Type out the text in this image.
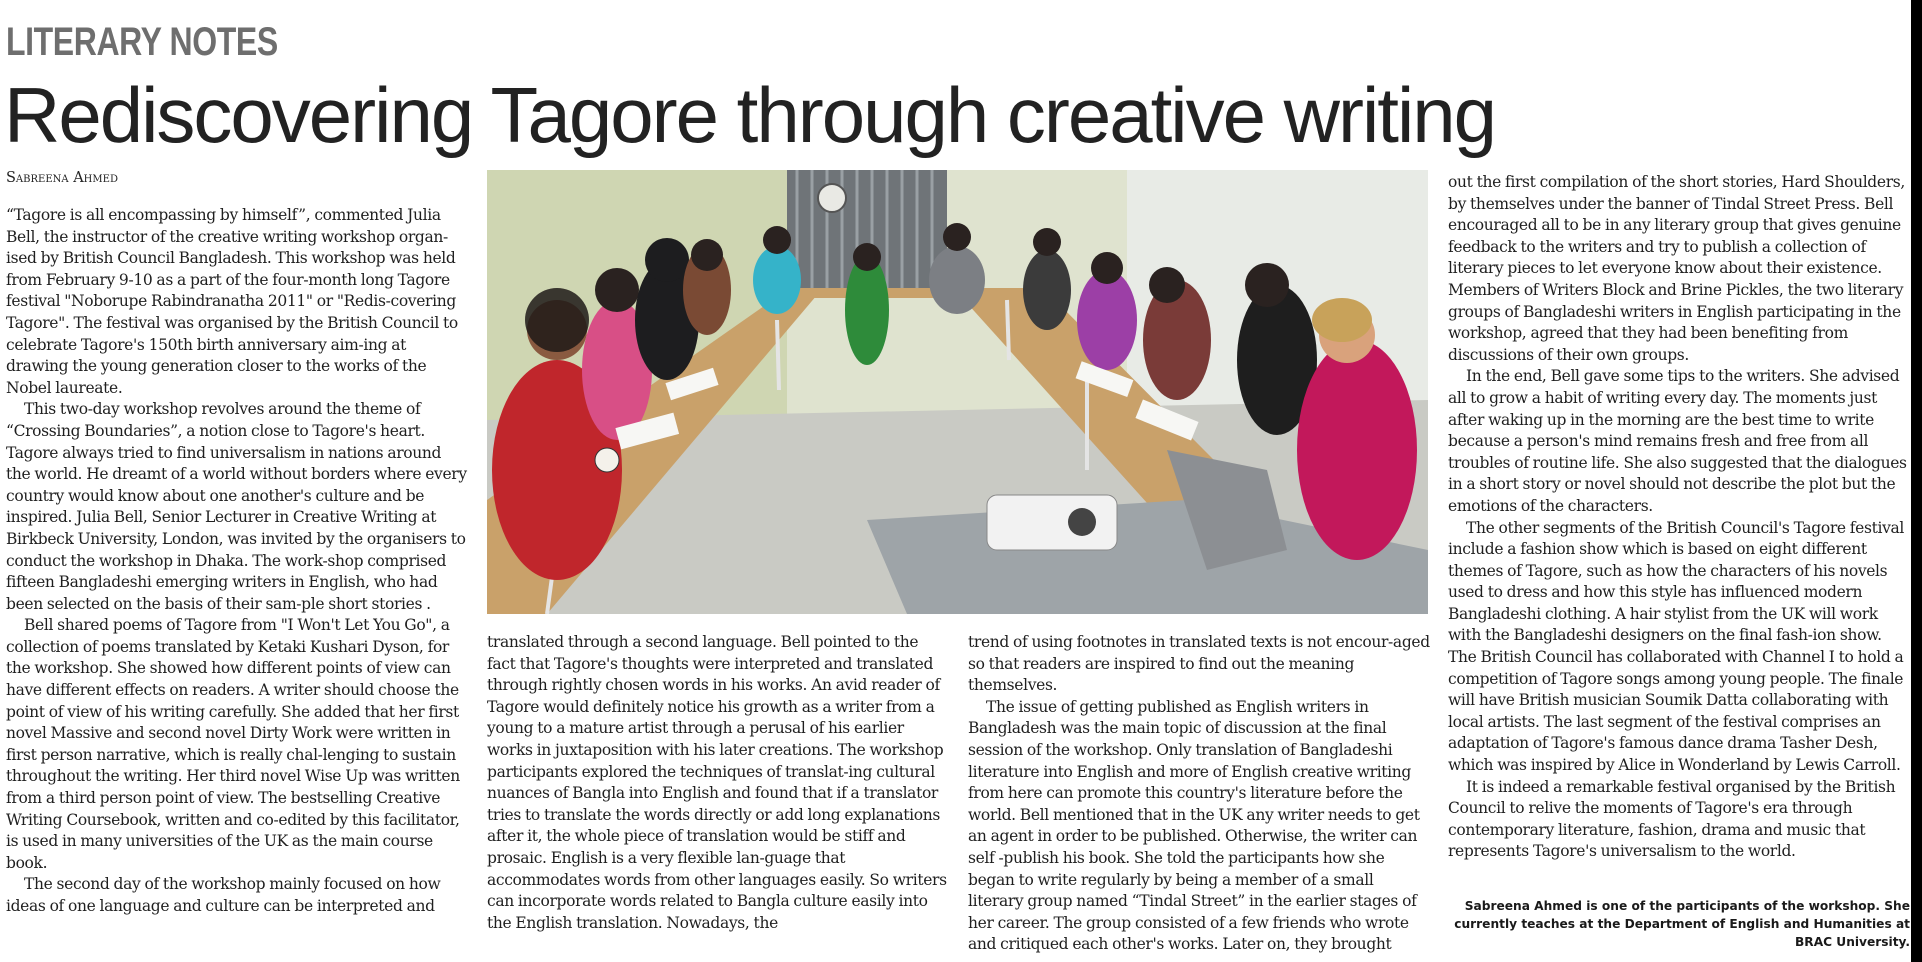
LITERARY NOTES
Rediscovering Tagore through creative writing
Sabreena Ahmed

“Tagore is all encompassing by himself”, commented Julia Bell, the instructor of the creative writing workshop organ-ised by British Council Bangladesh. This workshop was held from February 9-10 as a part of the four-month long Tagore festival "Noborupe Rabindranatha 2011" or "Redis-covering Tagore". The festival was organised by the British Council to celebrate Tagore's 150th birth anniversary aim-ing at drawing the young generation closer to the works of the Nobel laureate.

This two-day workshop revolves around the theme of “Crossing Boundaries”, a notion close to Tagore's heart. Tagore always tried to find universalism in nations around the world. He dreamt of a world without borders where every country would know about one another's culture and be inspired. Julia Bell, Senior Lecturer in Creative Writing at Birkbeck University, London, was invited by the organisers to conduct the workshop in Dhaka. The work-shop comprised fifteen Bangladeshi emerging writers in English, who had been selected on the basis of their sam-ple short stories .

Bell shared poems of Tagore from "I Won't Let You Go", a collection of poems translated by Ketaki Kushari Dyson, for the workshop. She showed how different points of view can have different effects on readers. A writer should choose the point of view of his writing carefully. She added that her first novel Massive and second novel Dirty Work were written in first person narrative, which is really chal-lenging to sustain throughout the writing. Her third novel Wise Up was written from a third person point of view. The bestselling Creative Writing Coursebook, written and co-edited by this facilitator, is used in many universities of the UK as the main course book.

The second day of the workshop mainly focused on how ideas of one language and culture can be interpreted and

translated through a second language. Bell pointed to the fact that Tagore's thoughts were interpreted and translated through rightly chosen words in his works. An avid reader of Tagore would definitely notice his growth as a writer from a young to a mature artist through a perusal of his earlier works in juxtaposition with his later creations. The workshop participants explored the techniques of translat-ing cultural nuances of Bangla into English and found that if a translator tries to translate the words directly or add long explanations after it, the whole piece of translation would be stiff and prosaic. English is a very flexible lan-guage that accommodates words from other languages easily. So writers can incorporate words related to Bangla culture easily into the English translation. Nowadays, the

trend of using footnotes in translated texts is not encour-aged so that readers are inspired to find out the meaning themselves.

The issue of getting published as English writers in Bangladesh was the main topic of discussion at the final session of the workshop. Only translation of Bangladeshi literature into English and more of English creative writing from here can promote this country's literature before the world. Bell mentioned that in the UK any writer needs to get an agent in order to be published. Otherwise, the writer can self -publish his book. She told the participants how she began to write regularly by being a member of a small literary group named “Tindal Street” in the earlier stages of her career. The group consisted of a few friends who wrote and critiqued each other's works. Later on, they brought

out the first compilation of the short stories, Hard Shoulders, by themselves under the banner of Tindal Street Press. Bell encouraged all to be in any literary group that gives genuine feedback to the writers and try to publish a collection of literary pieces to let everyone know about their existence. Members of Writers Block and Brine Pickles, the two literary groups of Bangladeshi writers in English participating in the workshop, agreed that they had been benefiting from discussions of their own groups.

In the end, Bell gave some tips to the writers. She advised all to grow a habit of writing every day. The moments just after waking up in the morning are the best time to write because a person's mind remains fresh and free from all troubles of routine life. She also suggested that the dialogues in a short story or novel should not describe the plot but the emotions of the characters.

The other segments of the British Council's Tagore festival include a fashion show which is based on eight different themes of Tagore, such as how the characters of his novels used to dress and how this style has influenced modern Bangladeshi clothing. A hair stylist from the UK will work with the Bangladeshi designers on the final fash-ion show. The British Council has collaborated with Channel I to hold a competition of Tagore songs among young people. The finale will have British musician Soumik Datta collaborating with local artists. The last segment of the festival comprises an adaptation of Tagore's famous dance drama Tasher Desh, which was inspired by Alice in Wonderland by Lewis Carroll.

It is indeed a remarkable festival organised by the British Council to relive the moments of Tagore's era through contemporary literature, fashion, drama and music that represents Tagore's universalism to the world.

Sabreena Ahmed is one of the participants of the workshop. She currently teaches at the Department of English and Humanities at BRAC University.
